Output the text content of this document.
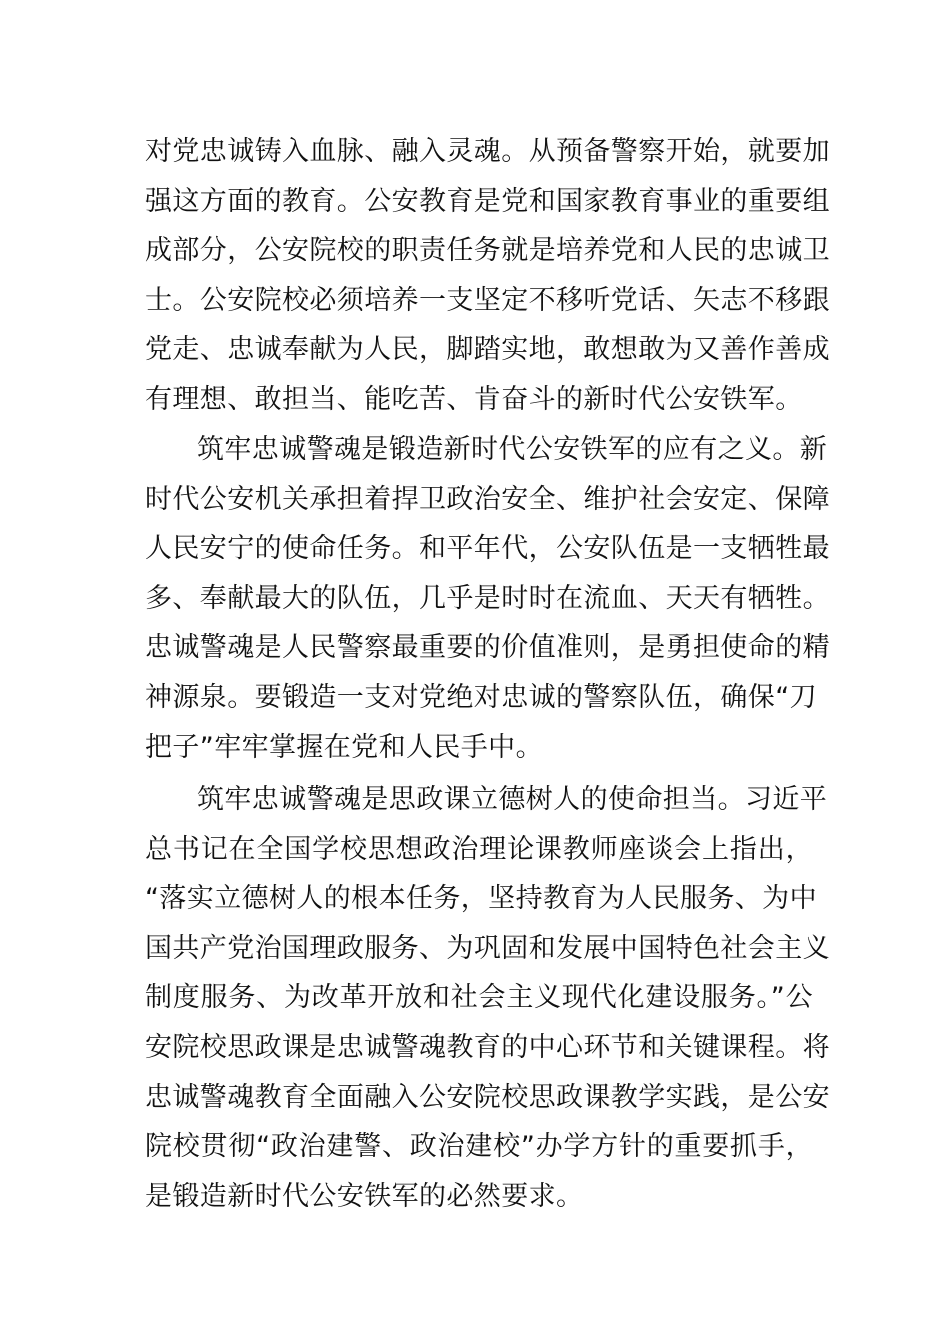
对党忠诚铸入血脉、融入灵魂。从预备警察开始，就要加
强这方面的教育。公安教育是党和国家教育事业的重要组
成部分，公安院校的职责任务就是培养党和人民的忠诚卫
士。公安院校必须培养一支坚定不移听党话、矢志不移跟
党走、忠诚奉献为人民，脚踏实地，敢想敢为又善作善成
有理想、敢担当、能吃苦、肯奋斗的新时代公安铁军。
筑牢忠诚警魂是锻造新时代公安铁军的应有之义。新
时代公安机关承担着捍卫政治安全、维护社会安定、保障
人民安宁的使命任务。和平年代，公安队伍是一支牺牲最
多、奉献最大的队伍，几乎是时时在流血、天天有牺牲。
忠诚警魂是人民警察最重要的价值准则，是勇担使命的精
神源泉。要锻造一支对党绝对忠诚的警察队伍，确保“刀
把子”牢牢掌握在党和人民手中。
筑牢忠诚警魂是思政课立德树人的使命担当。习近平
总书记在全国学校思想政治理论课教师座谈会上指出，
“落实立德树人的根本任务，坚持教育为人民服务、为中
国共产党治国理政服务、为巩固和发展中国特色社会主义
制度服务、为改革开放和社会主义现代化建设服务。”公
安院校思政课是忠诚警魂教育的中心环节和关键课程。将
忠诚警魂教育全面融入公安院校思政课教学实践，是公安
院校贯彻“政治建警、政治建校”办学方针的重要抓手，
是锻造新时代公安铁军的必然要求。
